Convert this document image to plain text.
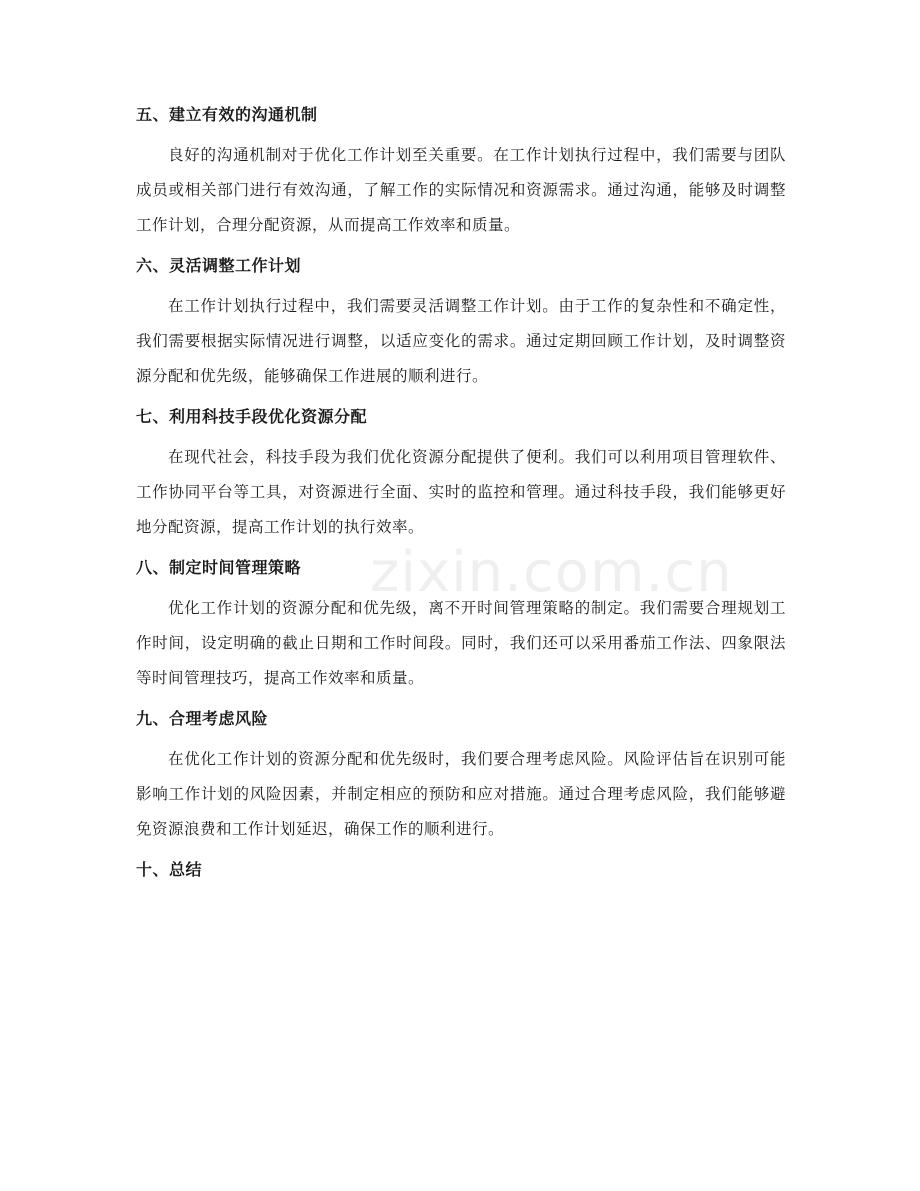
五、建立有效的沟通机制

良好的沟通机制对于优化工作计划至关重要。在工作计划执行过程中，我们需要与团队成员或相关部门进行有效沟通，了解工作的实际情况和资源需求。通过沟通，能够及时调整工作计划，合理分配资源，从而提高工作效率和质量。

六、灵活调整工作计划

在工作计划执行过程中，我们需要灵活调整工作计划。由于工作的复杂性和不确定性，我们需要根据实际情况进行调整，以适应变化的需求。通过定期回顾工作计划，及时调整资源分配和优先级，能够确保工作进展的顺利进行。

七、利用科技手段优化资源分配

在现代社会，科技手段为我们优化资源分配提供了便利。我们可以利用项目管理软件、工作协同平台等工具，对资源进行全面、实时的监控和管理。通过科技手段，我们能够更好地分配资源，提高工作计划的执行效率。

八、制定时间管理策略

优化工作计划的资源分配和优先级，离不开时间管理策略的制定。我们需要合理规划工作时间，设定明确的截止日期和工作时间段。同时，我们还可以采用番茄工作法、四象限法等时间管理技巧，提高工作效率和质量。

九、合理考虑风险

在优化工作计划的资源分配和优先级时，我们要合理考虑风险。风险评估旨在识别可能影响工作计划的风险因素，并制定相应的预防和应对措施。通过合理考虑风险，我们能够避免资源浪费和工作计划延迟，确保工作的顺利进行。

十、总结
zixin.com.cn
